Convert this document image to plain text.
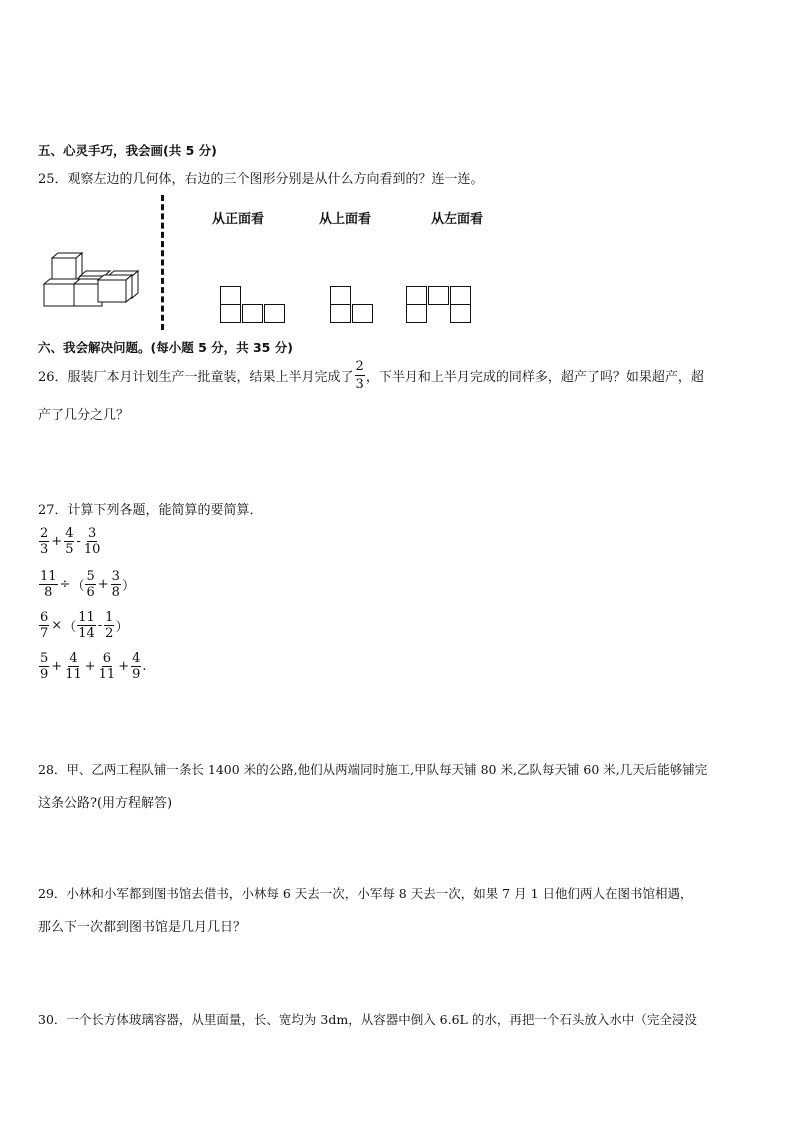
五、心灵手巧，我会画(共 5 分)
25．观察左边的几何体，右边的三个图形分别是从什么方向看到的？连一连。
从正面看	从上面看	从左面看
六、我会解决问题。(每小题 5 分，共 35 分)
26．服装厂本月计划生产一批童装，结果上半月完成了 $\frac{2}{3}$ ，下半月和上半月完成的同样多，超产了吗？如果超产，超
产了几分之几？
27．计算下列各题，能简算的要简算．
$\frac{2}{3} + \frac{4}{5} - \frac{3}{10}$
$\frac{11}{8}$ ÷ （ $\frac{5}{6} + \frac{3}{8}$ ）
$\frac{6}{7}$ × （ $\frac{11}{14} - \frac{1}{2}$ ）
$\frac{5}{9} + \frac{4}{11} + \frac{6}{11} + \frac{4}{9}$ .
28．甲、乙两工程队铺一条长 1400 米的公路,他们从两端同时施工,甲队每天铺 80 米,乙队每天铺 60 米,几天后能够铺完
这条公路?(用方程解答)
29．小林和小军都到图书馆去借书，小林每 6 天去一次，小军每 8 天去一次，如果 7 月 1 日他们两人在图书馆相遇，
那么下一次都到图书馆是几月几日？
30．一个长方体玻璃容器，从里面量，长、宽均为 3dm，从容器中倒入 6.6L 的水，再把一个石头放入水中（完全浸没
